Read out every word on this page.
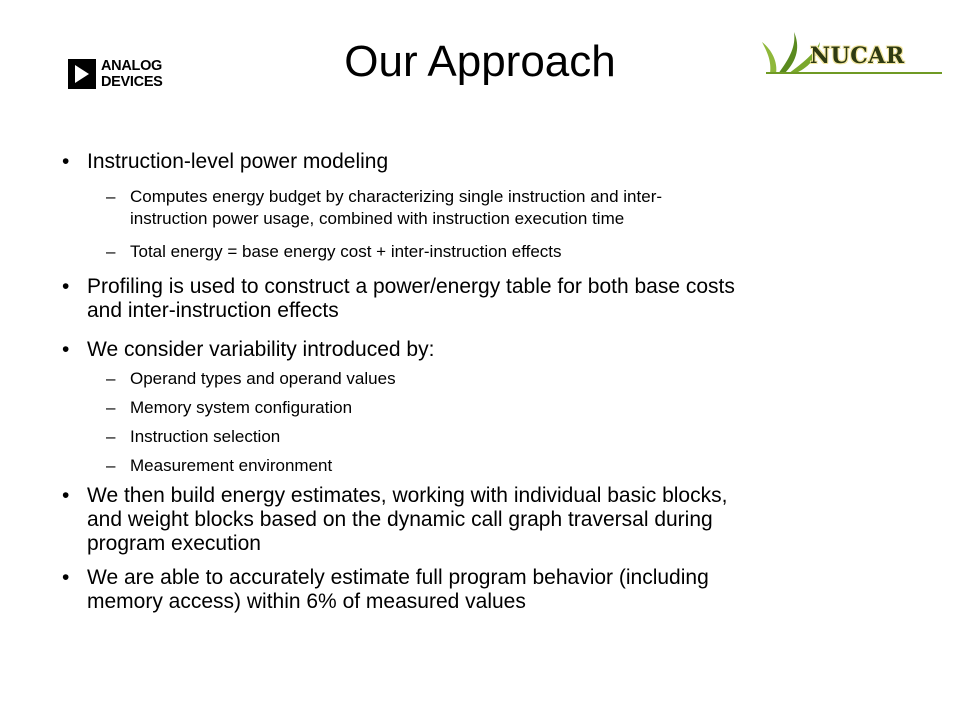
ANALOG
DEVICES	Our Approach	NUCAR
• Instruction-level power modeling
– Computes energy budget by characterizing single instruction and inter-
instruction power usage, combined with instruction execution time
– Total energy = base energy cost + inter-instruction effects
• Profiling is used to construct a power/energy table for both base costs
and inter-instruction effects
• We consider variability introduced by:
– Operand types and operand values
– Memory system configuration
– Instruction selection
– Measurement environment
• We then build energy estimates, working with individual basic blocks,
and weight blocks based on the dynamic call graph traversal during
program execution
• We are able to accurately estimate full program behavior (including
memory access) within 6% of measured values
